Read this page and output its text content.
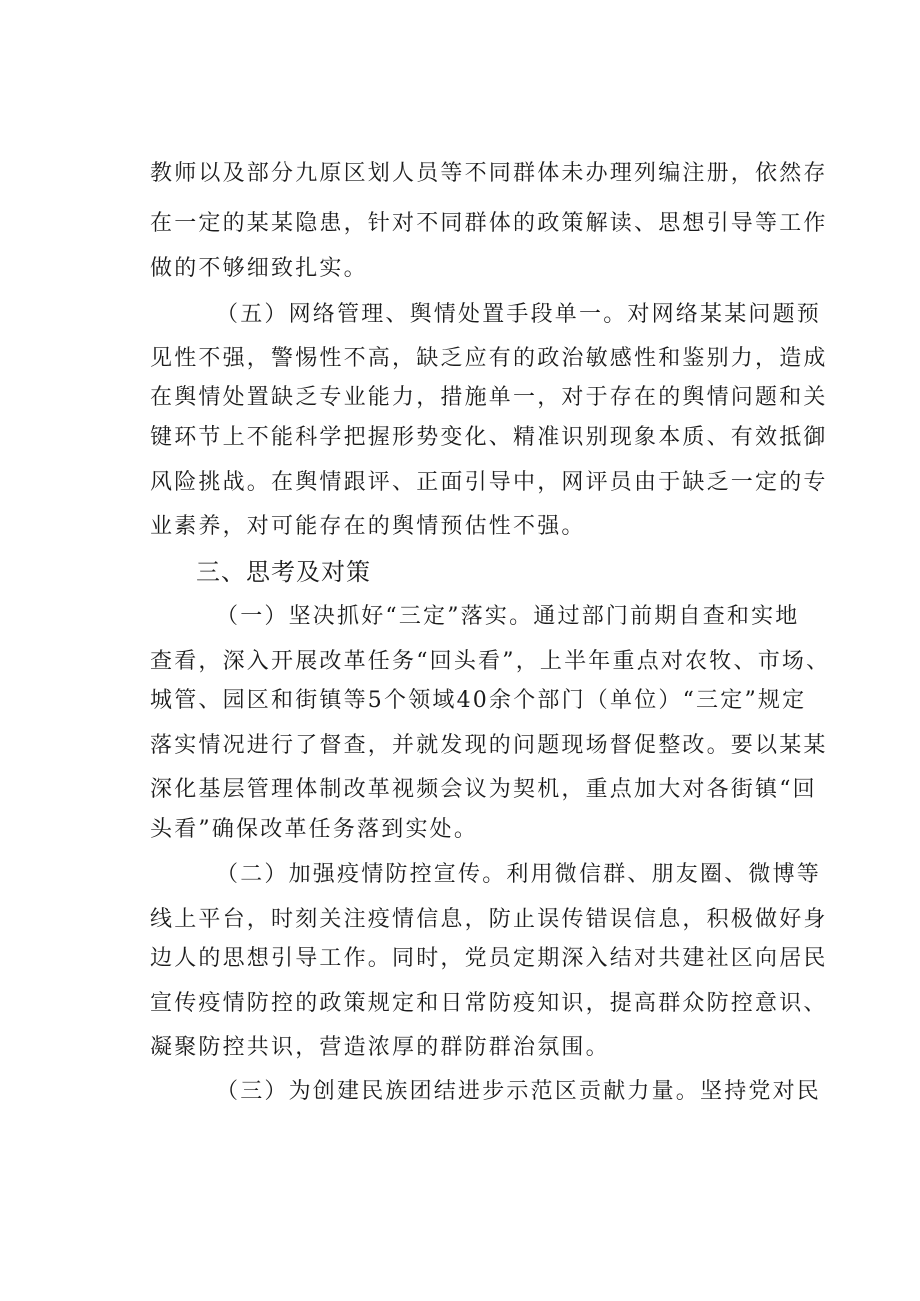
教师以及部分九原区划人员等不同群体未办理列编注册，依然存
在一定的某某隐患，针对不同群体的政策解读、思想引导等工作
做的不够细致扎实。
（五）网络管理、舆情处置手段单一。对网络某某问题预
见性不强，警惕性不高，缺乏应有的政治敏感性和鉴别力，造成
在舆情处置缺乏专业能力，措施单一，对于存在的舆情问题和关
键环节上不能科学把握形势变化、精准识别现象本质、有效抵御
风险挑战。在舆情跟评、正面引导中，网评员由于缺乏一定的专
业素养，对可能存在的舆情预估性不强。
三、思考及对策
（一）坚决抓好“三定”落实。通过部门前期自查和实地
查看，深入开展改革任务“回头看”，上半年重点对农牧、市场、
城管、园区和街镇等5个领域40余个部门（单位）“三定”规定
落实情况进行了督查，并就发现的问题现场督促整改。要以某某
深化基层管理体制改革视频会议为契机，重点加大对各街镇“回
头看”确保改革任务落到实处。
（二）加强疫情防控宣传。利用微信群、朋友圈、微博等
线上平台，时刻关注疫情信息，防止误传错误信息，积极做好身
边人的思想引导工作。同时，党员定期深入结对共建社区向居民
宣传疫情防控的政策规定和日常防疫知识，提高群众防控意识、
凝聚防控共识，营造浓厚的群防群治氛围。
（三）为创建民族团结进步示范区贡献力量。坚持党对民
